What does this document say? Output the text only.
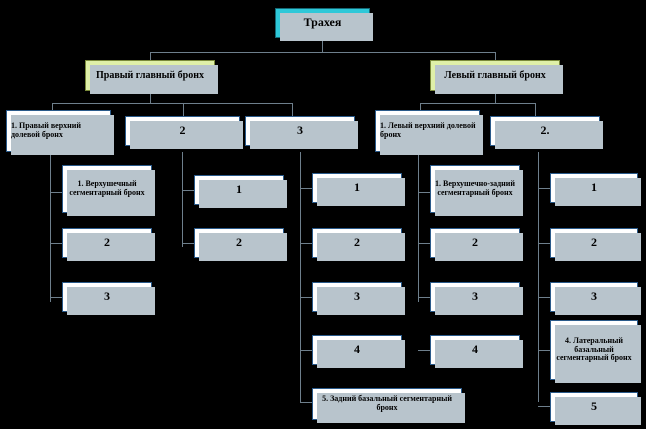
Трахея
Правый главный бронх	Левый главный бронх
1. Правый верхний долевой бронх	2	3	1. Левый верхний долевой бронх	2.
1. Верхушечный сегментарный бронх
2
3
1
2
1
2
3
4
5. Задний базальный сегментарный бронх
1. Верхушечно-задний сегментарный бронх
2
3
4
1
2
3
4. Латеральный базальный сегментарный бронх
5
